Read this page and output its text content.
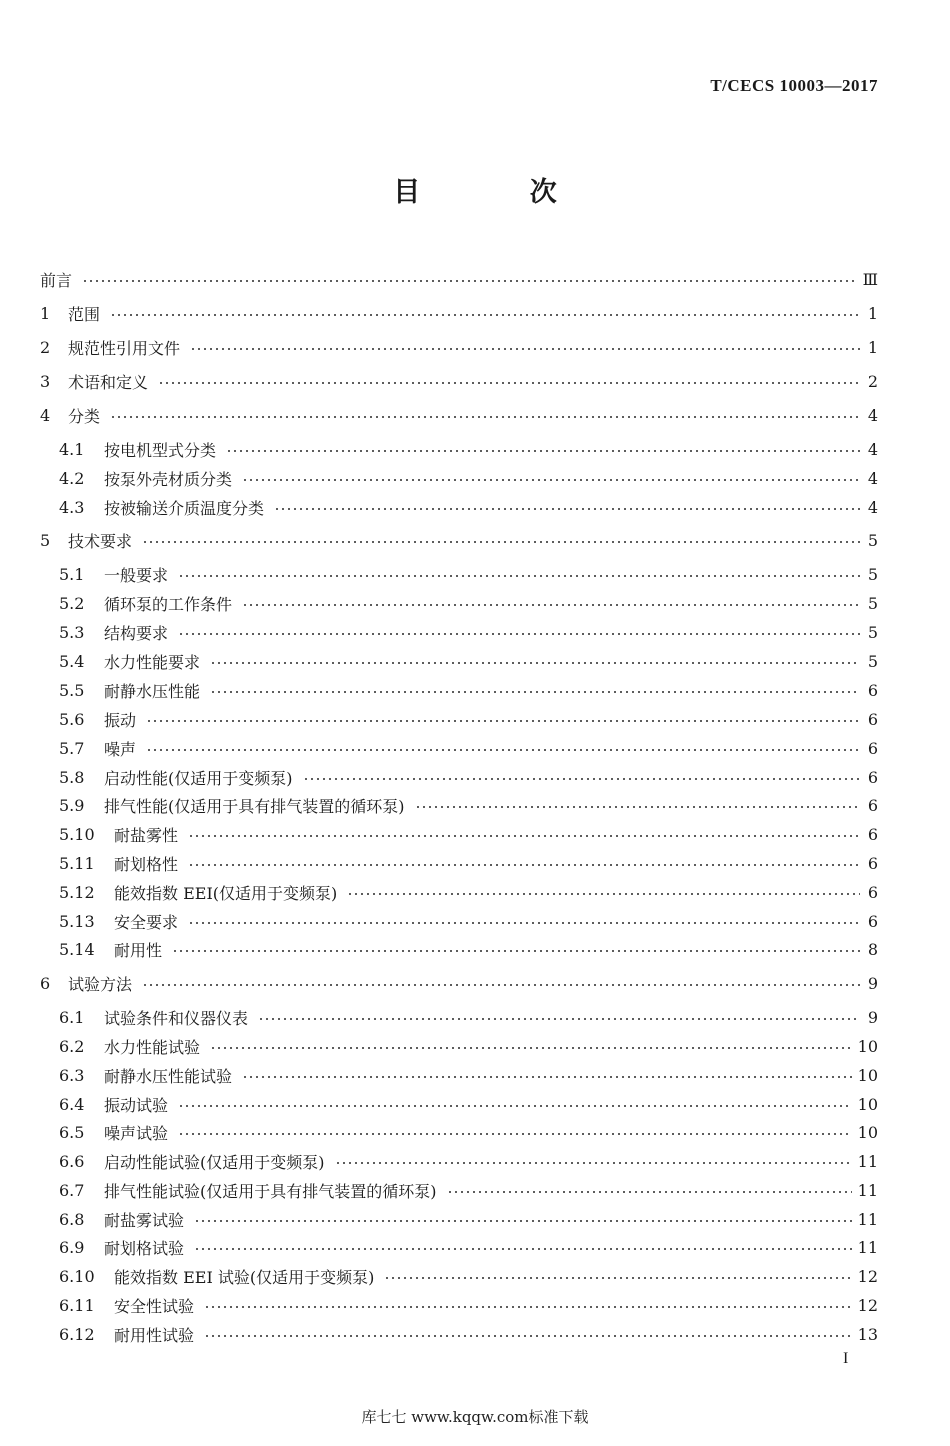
T/CECS 10003—2017
目 次
前言	Ⅲ
1	范围	1
2	规范性引用文件	1
3	术语和定义	2
4	分类	4
4.1	按电机型式分类	4
4.2	按泵外壳材质分类	4
4.3	按被输送介质温度分类	4
5	技术要求	5
5.1	一般要求	5
5.2	循环泵的工作条件	5
5.3	结构要求	5
5.4	水力性能要求	5
5.5	耐静水压性能	6
5.6	振动	6
5.7	噪声	6
5.8	启动性能(仅适用于变频泵)	6
5.9	排气性能(仅适用于具有排气装置的循环泵)	6
5.10	耐盐雾性	6
5.11	耐划格性	6
5.12	能效指数 EEI(仅适用于变频泵)	6
5.13	安全要求	6
5.14	耐用性	8
6	试验方法	9
6.1	试验条件和仪器仪表	9
6.2	水力性能试验	10
6.3	耐静水压性能试验	10
6.4	振动试验	10
6.5	噪声试验	10
6.6	启动性能试验(仅适用于变频泵)	11
6.7	排气性能试验(仅适用于具有排气装置的循环泵)	11
6.8	耐盐雾试验	11
6.9	耐划格试验	11
6.10	能效指数 EEI 试验(仅适用于变频泵)	12
6.11	安全性试验	12
6.12	耐用性试验	13
I
库七七 www.kqqw.com标准下载
